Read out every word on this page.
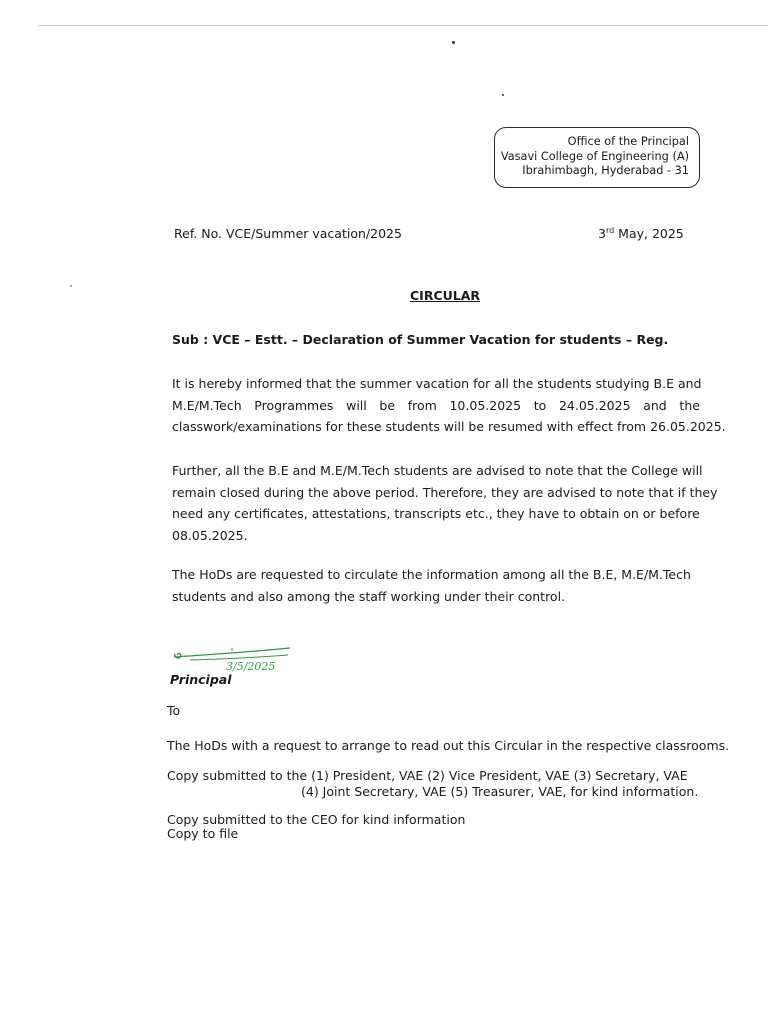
Office of the Principal
Vasavi College of Engineering (A)
Ibrahimbagh, Hyderabad - 31
Ref. No. VCE/Summer vacation/2025	3rd May, 2025
CIRCULAR
Sub : VCE – Estt. – Declaration of Summer Vacation for students – Reg.
It is hereby informed that the summer vacation for all the students studying B.E and
M.E/M.Tech Programmes will be from 10.05.2025 to 24.05.2025 and the
classwork/examinations for these students will be resumed with effect from 26.05.2025.
Further, all the B.E and M.E/M.Tech students are advised to note that the College will
remain closed during the above period. Therefore, they are advised to note that if they
need any certificates, attestations, transcripts etc., they have to obtain on or before
08.05.2025.
The HoDs are requested to circulate the information among all the B.E, M.E/M.Tech
students and also among the staff working under their control.
3/5/2025
Principal
To
The HoDs with a request to arrange to read out this Circular in the respective classrooms.
Copy submitted to the (1) President, VAE (2) Vice President, VAE (3) Secretary, VAE
(4) Joint Secretary, VAE (5) Treasurer, VAE, for kind information.
Copy submitted to the CEO for kind information
Copy to file
